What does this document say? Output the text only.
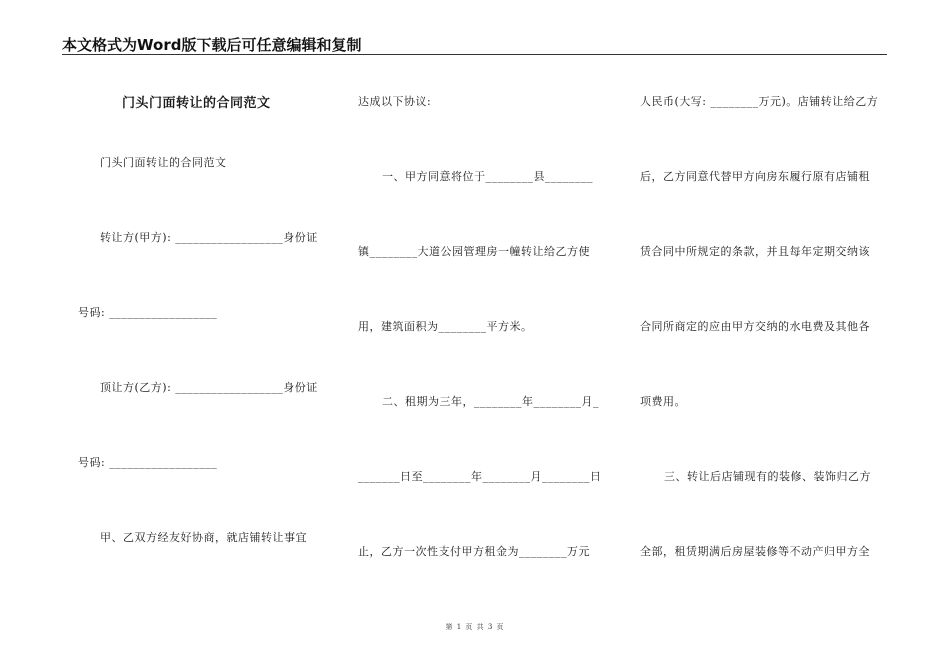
本文格式为Word版下载后可任意编辑和复制
门头门面转让的合同范文
门头门面转让的合同范文
转让方(甲方): __________________身份证
号码: __________________
顶让方(乙方): __________________身份证
号码: __________________
甲、乙双方经友好协商，就店铺转让事宜
达成以下协议:
一、甲方同意将位于________县________
镇________大道公园管理房一幢转让给乙方使
用，建筑面积为________平方米。
二、租期为三年，________年________月_
_______日至________年________月________日
止，乙方一次性支付甲方租金为________万元
人民币(大写: ________万元)。店铺转让给乙方
后，乙方同意代替甲方向房东履行原有店铺租
赁合同中所规定的条款，并且每年定期交纳该
合同所商定的应由甲方交纳的水电费及其他各
项费用。
三、转让后店铺现有的装修、装饰归乙方
全部，租赁期满后房屋装修等不动产归甲方全
第 1 页 共 3 页
